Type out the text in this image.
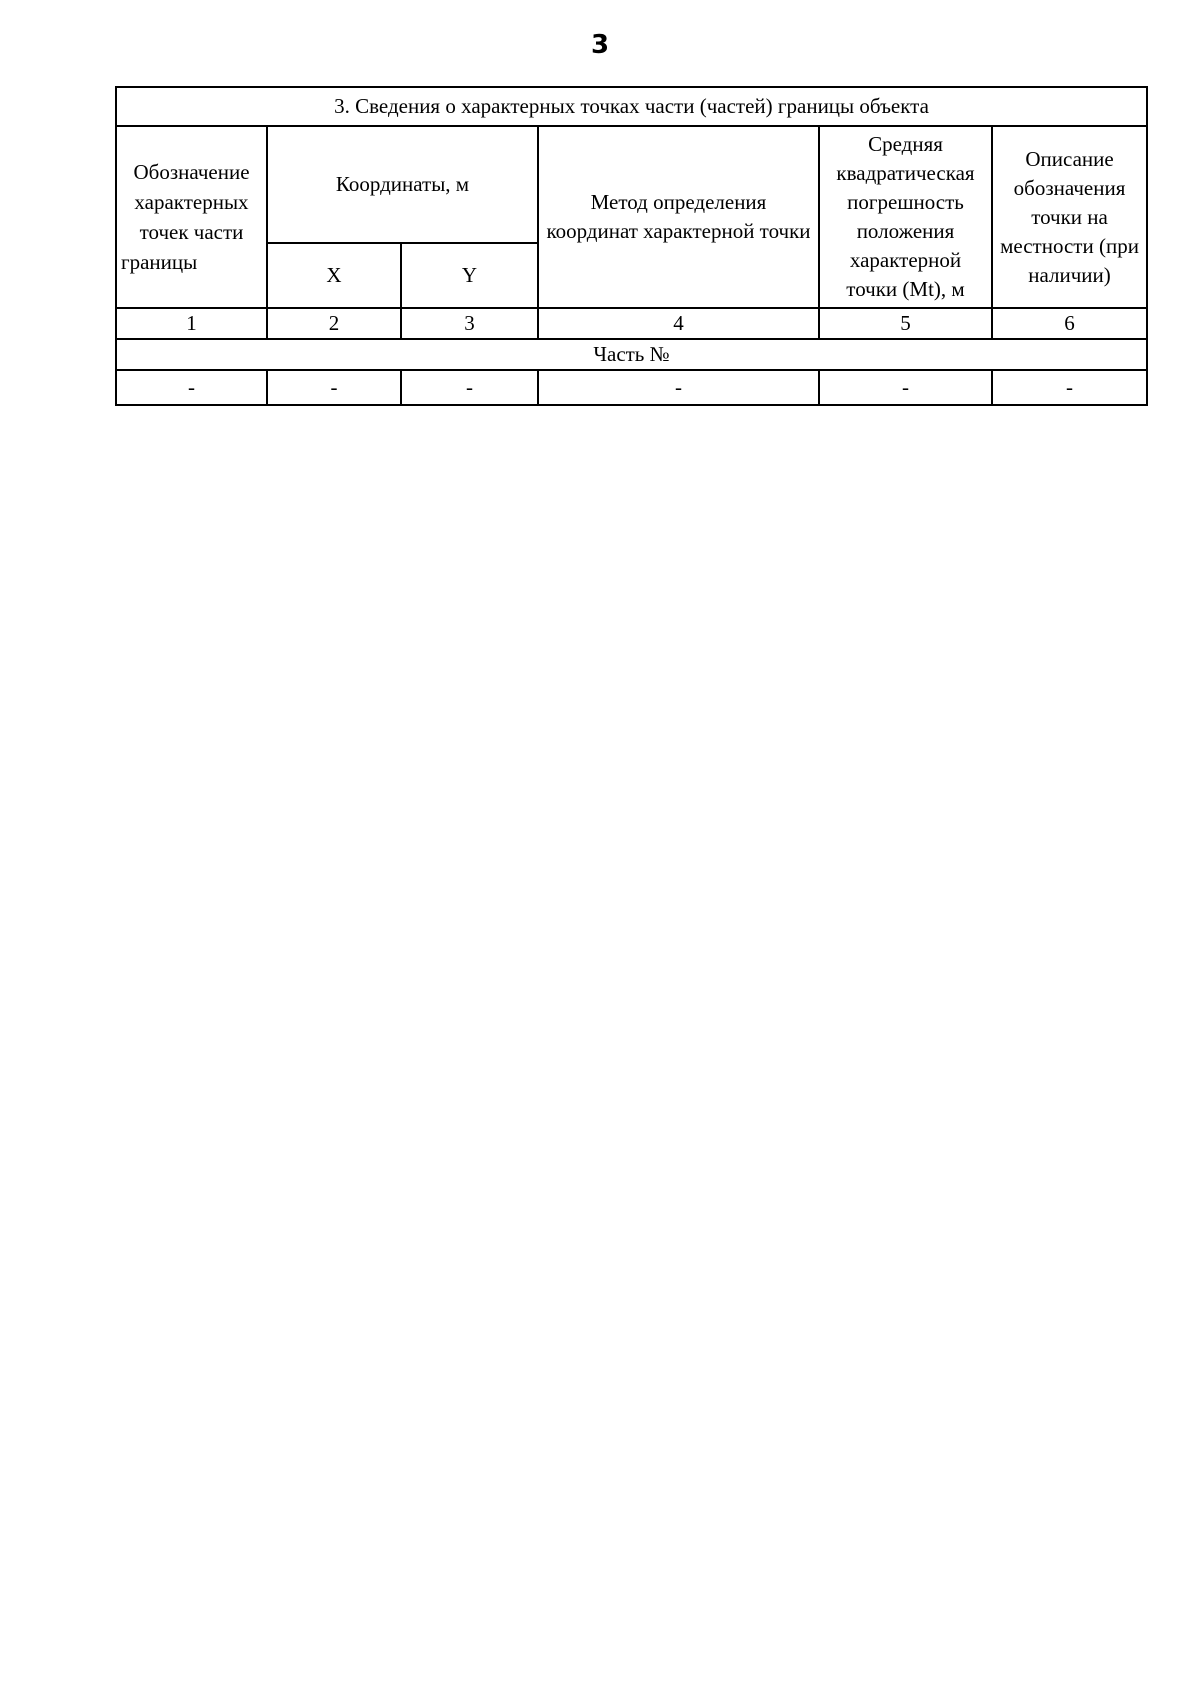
3
3. Сведения о характерных точках части (частей) границы объекта					
Обозначение характерных точек части границы	Координаты, м		Метод определения координат характерной точки	Средняя квадратическая погрешность положения характерной точки (Mt), м	Описание обозначения точки на местности (при наличии)
	X	Y			
1	2	3	4	5	6
Часть №					
-	-	-	-	-	-
